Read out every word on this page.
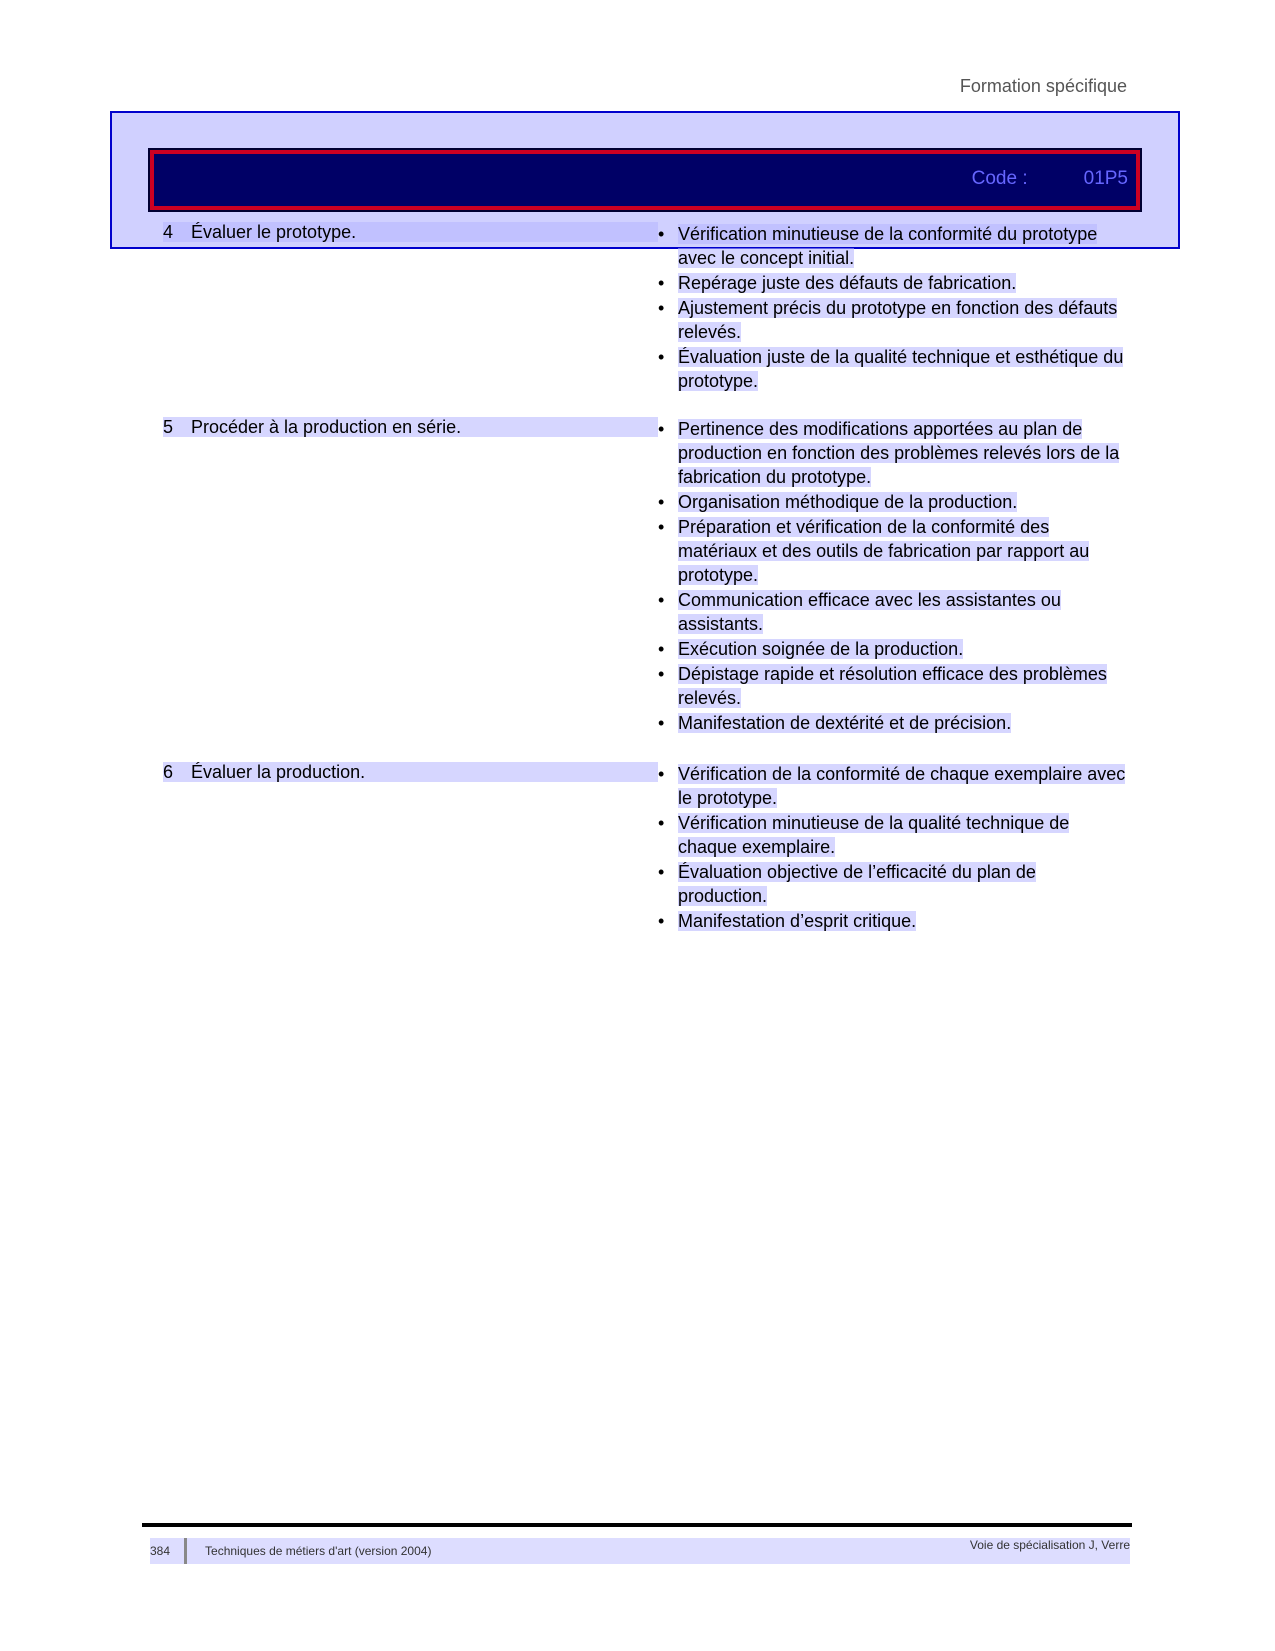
Formation spécifique
Code :	01P5
4 Évaluer le prototype.	• Vérification minutieuse de la conformité du prototype avec le concept initial.
• Repérage juste des défauts de fabrication.
• Ajustement précis du prototype en fonction des défauts relevés.
• Évaluation juste de la qualité technique et esthétique du prototype.
5 Procéder à la production en série.	• Pertinence des modifications apportées au plan de production en fonction des problèmes relevés lors de la fabrication du prototype.
• Organisation méthodique de la production.
• Préparation et vérification de la conformité des matériaux et des outils de fabrication par rapport au prototype.
• Communication efficace avec les assistantes ou assistants.
• Exécution soignée de la production.
• Dépistage rapide et résolution efficace des problèmes relevés.
• Manifestation de dextérité et de précision.
6 Évaluer la production.	• Vérification de la conformité de chaque exemplaire avec le prototype.
• Vérification minutieuse de la qualité technique de chaque exemplaire.
• Évaluation objective de l’efficacité du plan de production.
• Manifestation d’esprit critique.
384	Techniques de métiers d'art (version 2004)	Voie de spécialisation J, Verre
